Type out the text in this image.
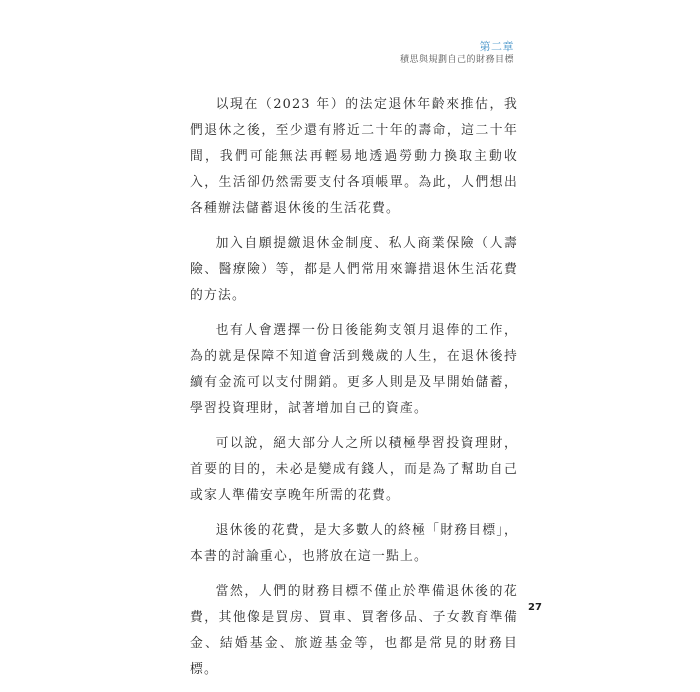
第二章
積思與規劃自己的財務目標

以現在（2023 年）的法定退休年齡來推估，我們退休之後，至少還有將近二十年的壽命，這二十年間，我們可能無法再輕易地透過勞動力換取主動收入，生活卻仍然需要支付各項帳單。為此，人們想出各種辦法儲蓄退休後的生活花費。

加入自願提繳退休金制度、私人商業保險（人壽險、醫療險）等，都是人們常用來籌措退休生活花費的方法。

也有人會選擇一份日後能夠支領月退俸的工作，為的就是保障不知道會活到幾歲的人生，在退休後持續有金流可以支付開銷。更多人則是及早開始儲蓄，學習投資理財，試著增加自己的資產。

可以說，絕大部分人之所以積極學習投資理財，首要的目的，未必是變成有錢人，而是為了幫助自己或家人準備安享晚年所需的花費。

退休後的花費，是大多數人的終極「財務目標」，本書的討論重心，也將放在這一點上。

當然，人們的財務目標不僅止於準備退休後的花費，其他像是買房、買車、買奢侈品、子女教育準備金、結婚基金、旅遊基金等，也都是常見的財務目標。

27
